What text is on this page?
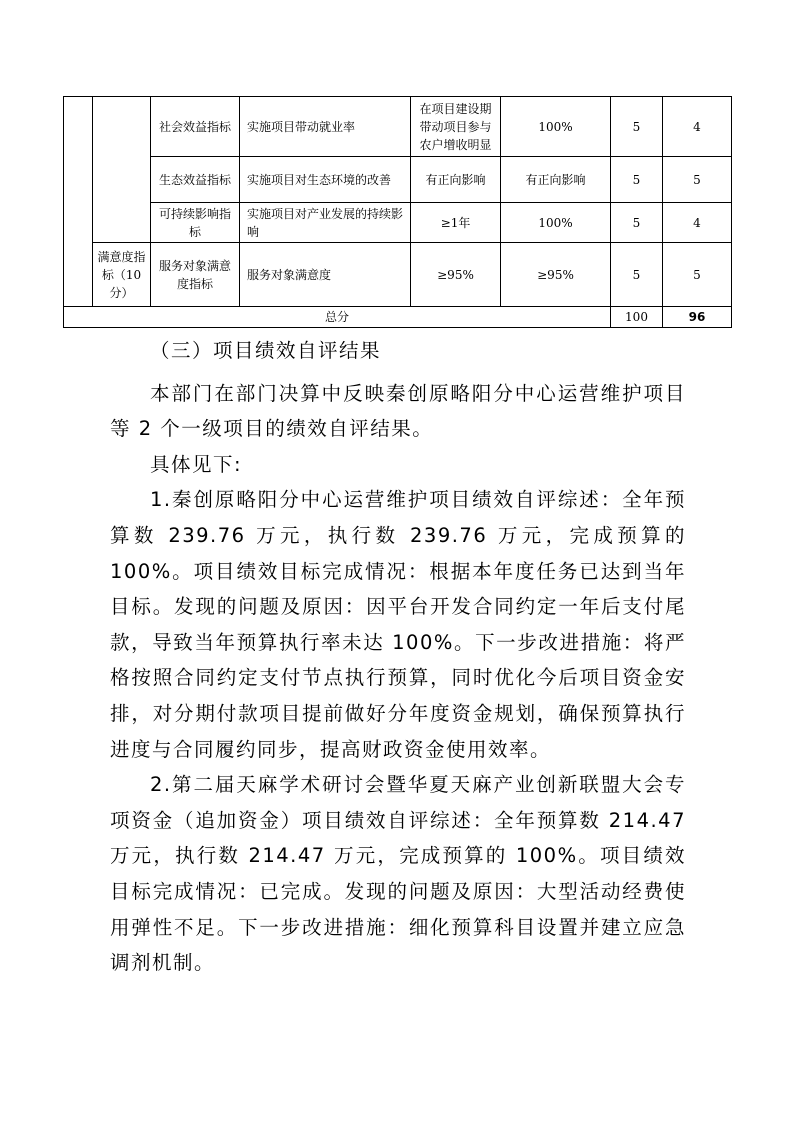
		社会效益指标	实施项目带动就业率	在项目建设期带动项目参与农户增收明显	100%	5	4
		生态效益指标	实施项目对生态环境的改善	有正向影响	有正向影响	5	5
		可持续影响指标	实施项目对产业发展的持续影响	≥1年	100%	5	4
	满意度指标（10分）	服务对象满意度指标	服务对象满意度	≥95%	≥95%	5	5
总分						100	96

（三）项目绩效自评结果

本部门在部门决算中反映秦创原略阳分中心运营维护项目等 2 个一级项目的绩效自评结果。

具体见下:

1.秦创原略阳分中心运营维护项目绩效自评综述：全年预算数 239.76 万元，执行数 239.76 万元，完成预算的 100%。项目绩效目标完成情况：根据本年度任务已达到当年目标。发现的问题及原因：因平台开发合同约定一年后支付尾款，导致当年预算执行率未达 100%。下一步改进措施：将严格按照合同约定支付节点执行预算，同时优化今后项目资金安排，对分期付款项目提前做好分年度资金规划，确保预算执行进度与合同履约同步，提高财政资金使用效率。

2.第二届天麻学术研讨会暨华夏天麻产业创新联盟大会专项资金（追加资金）项目绩效自评综述：全年预算数 214.47 万元，执行数 214.47 万元，完成预算的 100%。项目绩效目标完成情况：已完成。发现的问题及原因：大型活动经费使用弹性不足。下一步改进措施：细化预算科目设置并建立应急调剂机制。
